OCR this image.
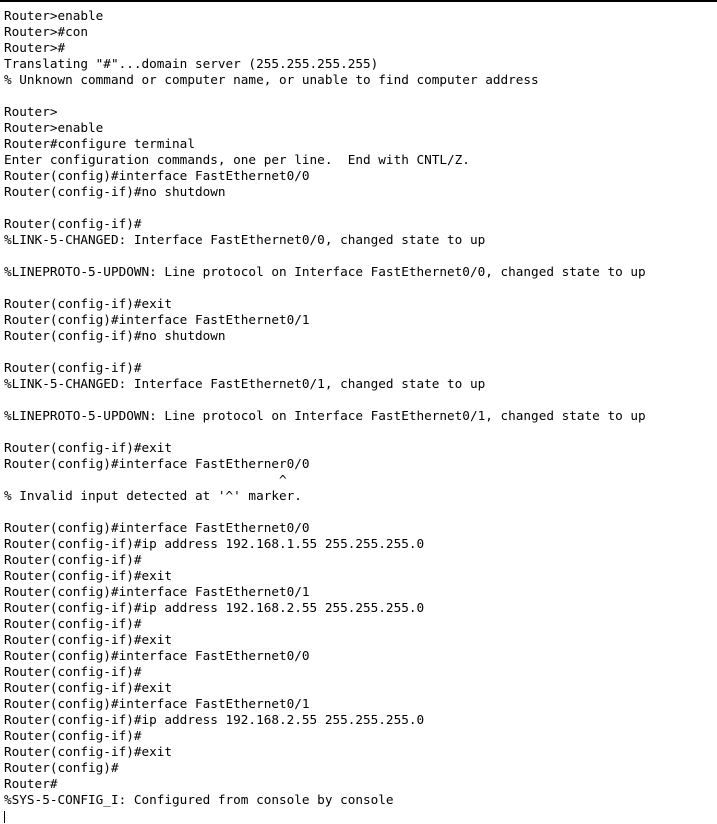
Router>enable
Router>#con
Router>#
Translating "#"...domain server (255.255.255.255)
% Unknown command or computer name, or unable to find computer address
Router>
Router>enable
Router#configure terminal
Enter configuration commands, one per line.  End with CNTL/Z.
Router(config)#interface FastEthernet0/0
Router(config-if)#no shutdown
Router(config-if)#
%LINK-5-CHANGED: Interface FastEthernet0/0, changed state to up
%LINEPROTO-5-UPDOWN: Line protocol on Interface FastEthernet0/0, changed state to up
Router(config-if)#exit
Router(config)#interface FastEthernet0/1
Router(config-if)#no shutdown
Router(config-if)#
%LINK-5-CHANGED: Interface FastEthernet0/1, changed state to up
%LINEPROTO-5-UPDOWN: Line protocol on Interface FastEthernet0/1, changed state to up
Router(config-if)#exit
Router(config)#interface FastEtherner0/0
^
% Invalid input detected at '^' marker.
Router(config)#interface FastEthernet0/0
Router(config-if)#ip address 192.168.1.55 255.255.255.0
Router(config-if)#
Router(config-if)#exit
Router(config)#interface FastEthernet0/1
Router(config-if)#ip address 192.168.2.55 255.255.255.0
Router(config-if)#
Router(config-if)#exit
Router(config)#interface FastEthernet0/0
Router(config-if)#
Router(config-if)#exit
Router(config)#interface FastEthernet0/1
Router(config-if)#ip address 192.168.2.55 255.255.255.0
Router(config-if)#
Router(config-if)#exit
Router(config)#
Router#
%SYS-5-CONFIG_I: Configured from console by console
